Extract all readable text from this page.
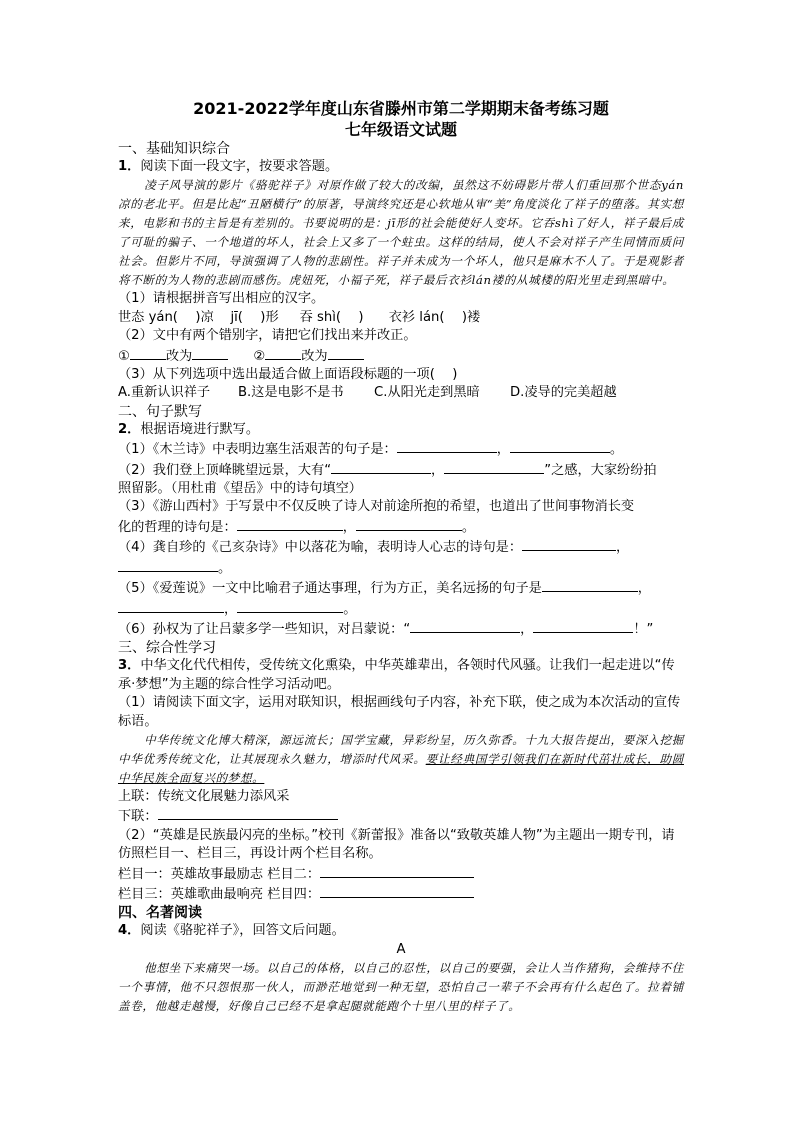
2021-2022学年度山东省滕州市第二学期期末备考练习题
七年级语文试题
一、基础知识综合
1．阅读下面一段文字，按要求答题。
凌子风导演的影片《骆驼祥子》对原作做了较大的改编，虽然这不妨碍影片带人们重回那个世态yán凉的老北平。但是比起“丑陋横行”的原著，导演终究还是心软地从审“美”角度淡化了祥子的堕落。其实想来，电影和书的主旨是有差别的。书要说明的是：jī形的社会能使好人变坏。它吞shì了好人，祥子最后成了可耻的骗子、一个地道的坏人，社会上又多了一个蛀虫。这样的结局，使人不会对祥子产生同情而质问社会。但影片不同，导演强调了人物的悲剧性。祥子并未成为一个坏人，他只是麻木不人了。于是观影者将不断的为人物的悲剧而感伤。虎妞死，小福子死，祥子最后衣衫lán褛的从城楼的阳光里走到黑暗中。
（1）请根据拼音写出相应的汉字。
世态 yán(　 )凉 jī(　 )形 吞 shì(　 ) 衣衫 lán(　 )褛
（2）文中有两个错别字，请把它们找出来并改正。
①	改为	②	改为
（3）从下列选项中选出最适合做上面语段标题的一项(　 )
A.重新认识祥子 B.这是电影不是书 C.从阳光走到黑暗 D.凌导的完美超越
二、句子默写
2．根据语境进行默写。
（1）《木兰诗》中表明边塞生活艰苦的句子是：	，	。
（2）我们登上顶峰眺望远景，大有“	，	”之感，大家纷纷拍
照留影。（用杜甫《望岳》中的诗句填空）
（3）《游山西村》于写景中不仅反映了诗人对前途所抱的希望，也道出了世间事物消长变
化的哲理的诗句是：	，	。
（4）龚自珍的《己亥杂诗》中以落花为喻，表明诗人心志的诗句是：	，
。
（5）《爱莲说》一文中比喻君子通达事理，行为方正，美名远扬的句子是	，
，	。
（6）孙权为了让吕蒙多学一些知识，对吕蒙说：“	，	！”
三、综合性学习
3．中华文化代代相传，受传统文化熏染，中华英雄辈出，各领时代风骚。让我们一起走进以“传承·梦想”为主题的综合性学习活动吧。
（1）请阅读下面文字，运用对联知识，根据画线句子内容，补充下联，使之成为本次活动的宣传标语。
中华传统文化博大精深，源远流长；国学宝藏，异彩纷呈，历久弥香。十九大报告提出，要深入挖掘中华优秀传统文化，让其展现永久魅力，增添时代风采。要让经典国学引领我们在新时代茁壮成长，助圆中华民族全面复兴的梦想。
上联：传统文化展魅力添风采
下联：
（2）“英雄是民族最闪亮的坐标。”校刊《新蕾报》准备以“致敬英雄人物”为主题出一期专刊，请仿照栏目一、栏目三，再设计两个栏目名称。
栏目一：英雄故事最励志 栏目二：
栏目三：英雄歌曲最响亮 栏目四：
四、名著阅读
4．阅读《骆驼祥子》，回答文后问题。
A
他想坐下来痛哭一场。以自己的体格，以自己的忍性，以自己的要强，会让人当作猪狗，会维持不住一个事情，他不只怨恨那一伙人，而渺茫地觉到一种无望，恐怕自己一辈子不会再有什么起色了。拉着铺盖卷，他越走越慢，好像自己已经不是拿起腿就能跑个十里八里的样子了。
